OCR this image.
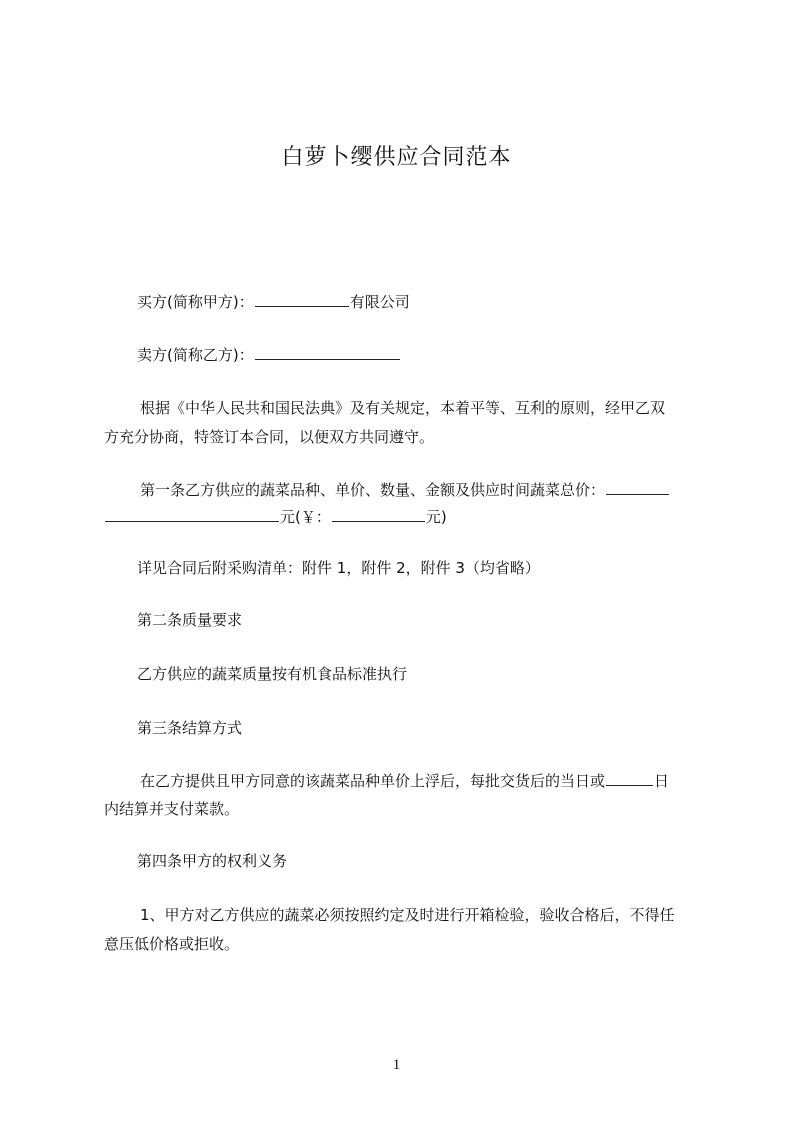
白萝卜缨供应合同范本
买方(简称甲方)：	有限公司
卖方(简称乙方)：
根据《中华人民共和国民法典》及有关规定，本着平等、互利的原则，经甲乙双
方充分协商，特签订本合同，以便双方共同遵守。
第一条乙方供应的蔬菜品种、单价、数量、金额及供应时间蔬菜总价：
元(￥：	元)
详见合同后附采购清单：附件 1，附件 2，附件 3（均省略）
第二条质量要求
乙方供应的蔬菜质量按有机食品标准执行
第三条结算方式
在乙方提供且甲方同意的该蔬菜品种单价上浮后，每批交货后的当日或	日
内结算并支付菜款。
第四条甲方的权利义务
1、甲方对乙方供应的蔬菜必须按照约定及时进行开箱检验，验收合格后，不得任
意压低价格或拒收。
1
